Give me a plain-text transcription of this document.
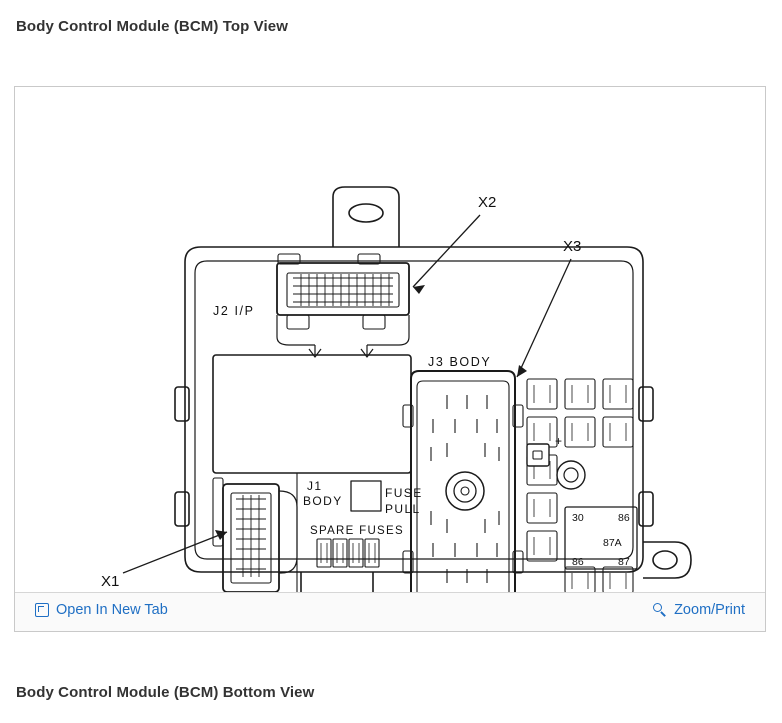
Body Control Module (BCM) Top View
X2
X3
X1
J2 I/P
J3 BODY
J1
BODY
FUSE
PULL
SPARE FUSES
+
30	86
87A
86	87
Open In New Tab	Zoom/Print
Body Control Module (BCM) Bottom View
